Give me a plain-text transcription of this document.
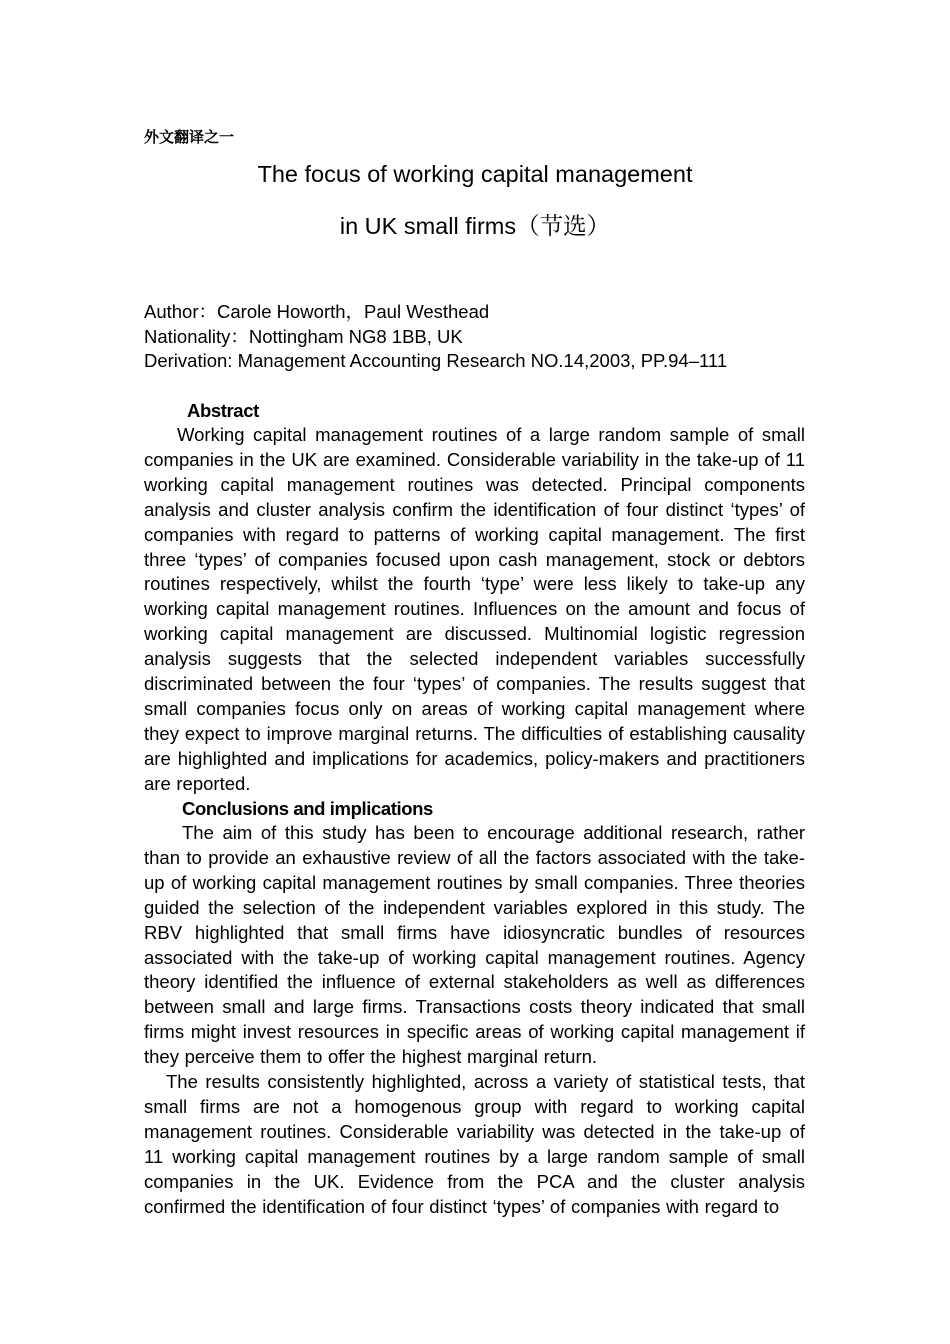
外文翻译之一
The focus of working capital management
in UK small firms（节选）
Author：Carole Howorth，Paul Westhead
Nationality：Nottingham NG8 1BB, UK
Derivation: Management Accounting Research NO.14,2003, PP.94–111
Abstract

Working capital management routines of a large random sample of small companies in the UK are examined. Considerable variability in the take-up of 11 working capital management routines was detected. Principal components analysis and cluster analysis confirm the identification of four distinct ‘types’ of companies with regard to patterns of working capital management. The first three ‘types’ of companies focused upon cash management, stock or debtors routines respectively, whilst the fourth ‘type’ were less likely to take-up any working capital management routines. Influences on the amount and focus of working capital management are discussed. Multinomial logistic regression analysis suggests that the selected independent variables successfully discriminated between the four ‘types’ of companies. The results suggest that small companies focus only on areas of working capital management where they expect to improve marginal returns. The difficulties of establishing causality are highlighted and implications for academics, policy-makers and practitioners are reported.

Conclusions and implications

The aim of this study has been to encourage additional research, rather than to provide an exhaustive review of all the factors associated with the take-up of working capital management routines by small companies. Three theories guided the selection of the independent variables explored in this study. The RBV highlighted that small firms have idiosyncratic bundles of resources associated with the take-up of working capital management routines. Agency theory identified the influence of external stakeholders as well as differences between small and large firms. Transactions costs theory indicated that small firms might invest resources in specific areas of working capital management if they perceive them to offer the highest marginal return.

The results consistently highlighted, across a variety of statistical tests, that small firms are not a homogenous group with regard to working capital management routines. Considerable variability was detected in the take-up of 11 working capital management routines by a large random sample of small companies in the UK. Evidence from the PCA and the cluster analysis confirmed the identification of four distinct ‘types’ of companies with regard to
